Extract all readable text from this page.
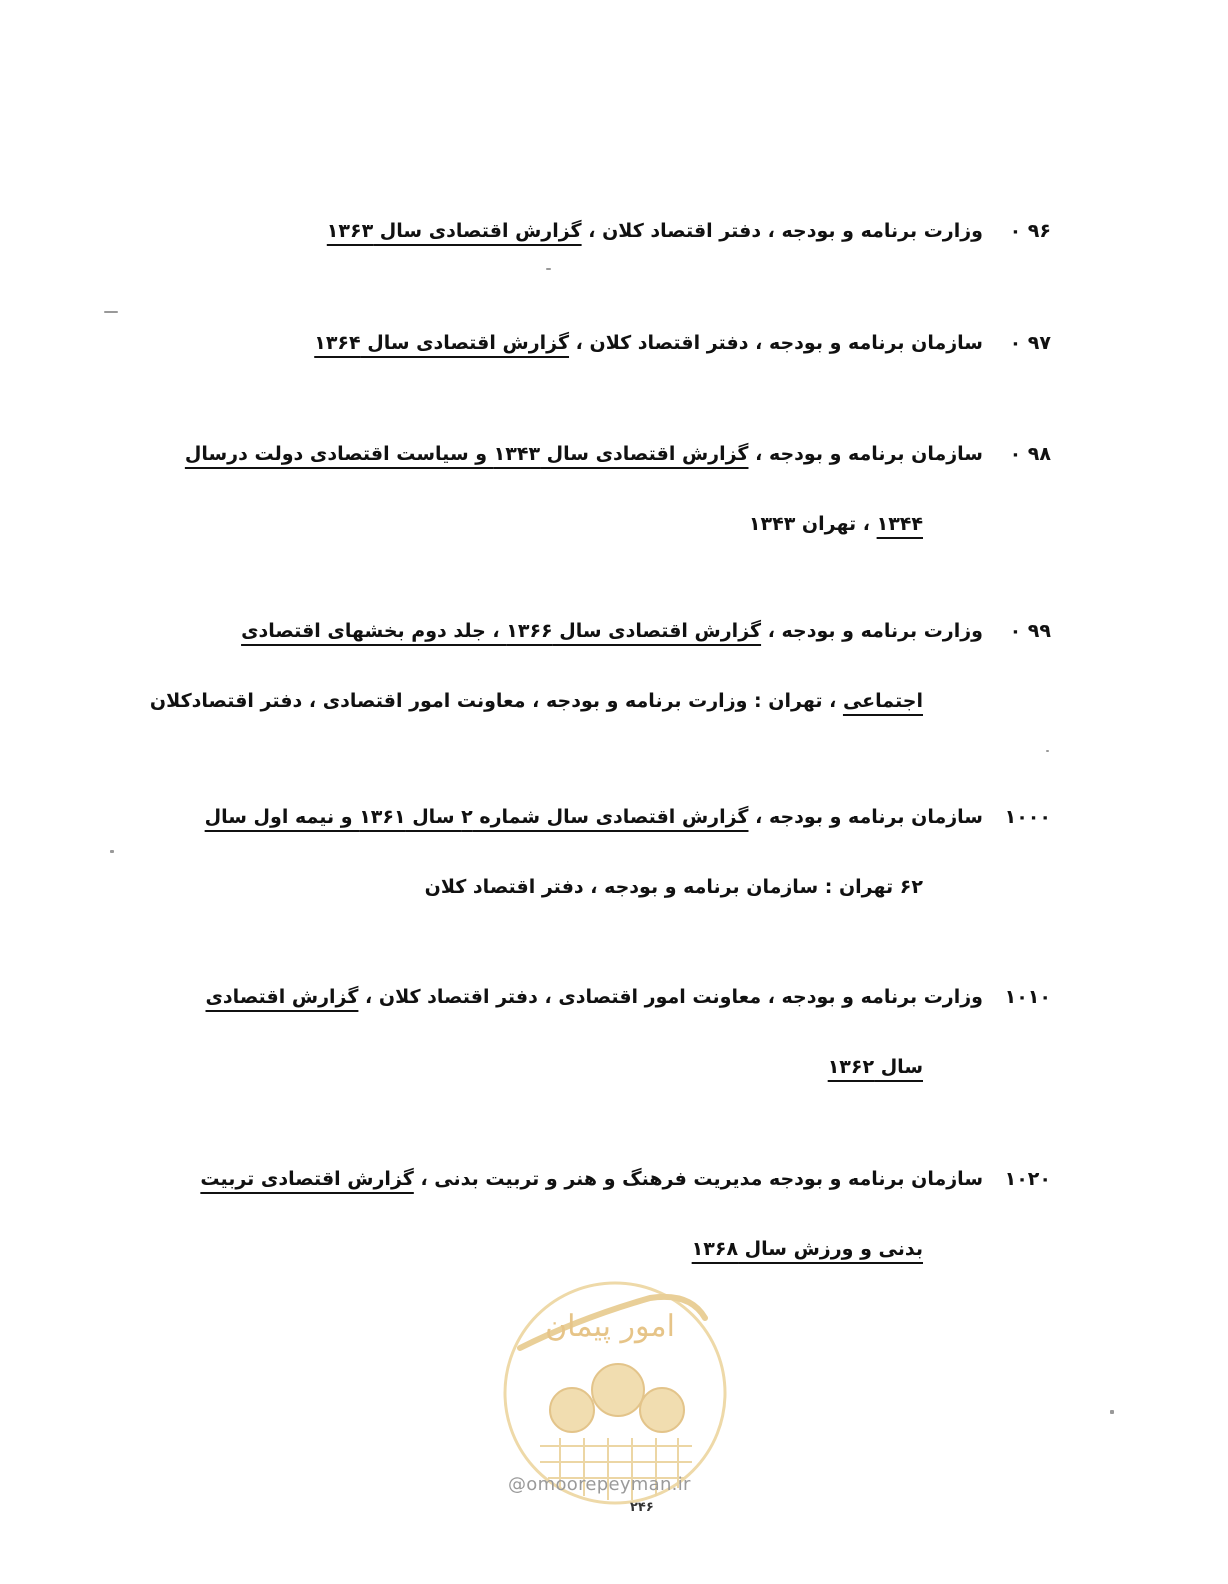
۹۶ ۰
وزارت برنامه و بودجه ، دفتر اقتصاد کلان ، گزارش اقتصادی سال ۱۳۶۳
۹۷ ۰
سازمان برنامه و بودجه ، دفتر اقتصاد کلان ، گزارش اقتصادی سال ۱۳۶۴
۹۸ ۰
سازمان برنامه و بودجه ، گزارش اقتصادی سال ۱۳۴۳ و سیاست اقتصادی دولت درسال
۱۳۴۴ ، تهران ۱۳۴۳
۹۹ ۰
وزارت برنامه و بودجه ، گزارش اقتصادی سال ۱۳۶۶ ، جلد دوم بخشهای اقتصادی
اجتماعی ، تهران : وزارت برنامه و بودجه ، معاونت امور اقتصادی ، دفتر اقتصادکلان
۱۰۰۰
سازمان برنامه و بودجه ، گزارش اقتصادی سال شماره ۲ سال ۱۳۶۱ و نیمه اول سال
۶۲ تهران : سازمان برنامه و بودجه ، دفتر اقتصاد کلان
۱۰۱۰
وزارت برنامه و بودجه ، معاونت امور اقتصادی ، دفتر اقتصاد کلان ، گزارش اقتصادی
سال ۱۳۶۲
۱۰۲۰
سازمان برنامه و بودجه مدیریت فرهنگ و هنر و تربیت بدنی ، گزارش اقتصادی تربیت
بدنی و ورزش سال ۱۳۶۸
امور پیمان
@omoorepeyman.ir
۲۴۶
